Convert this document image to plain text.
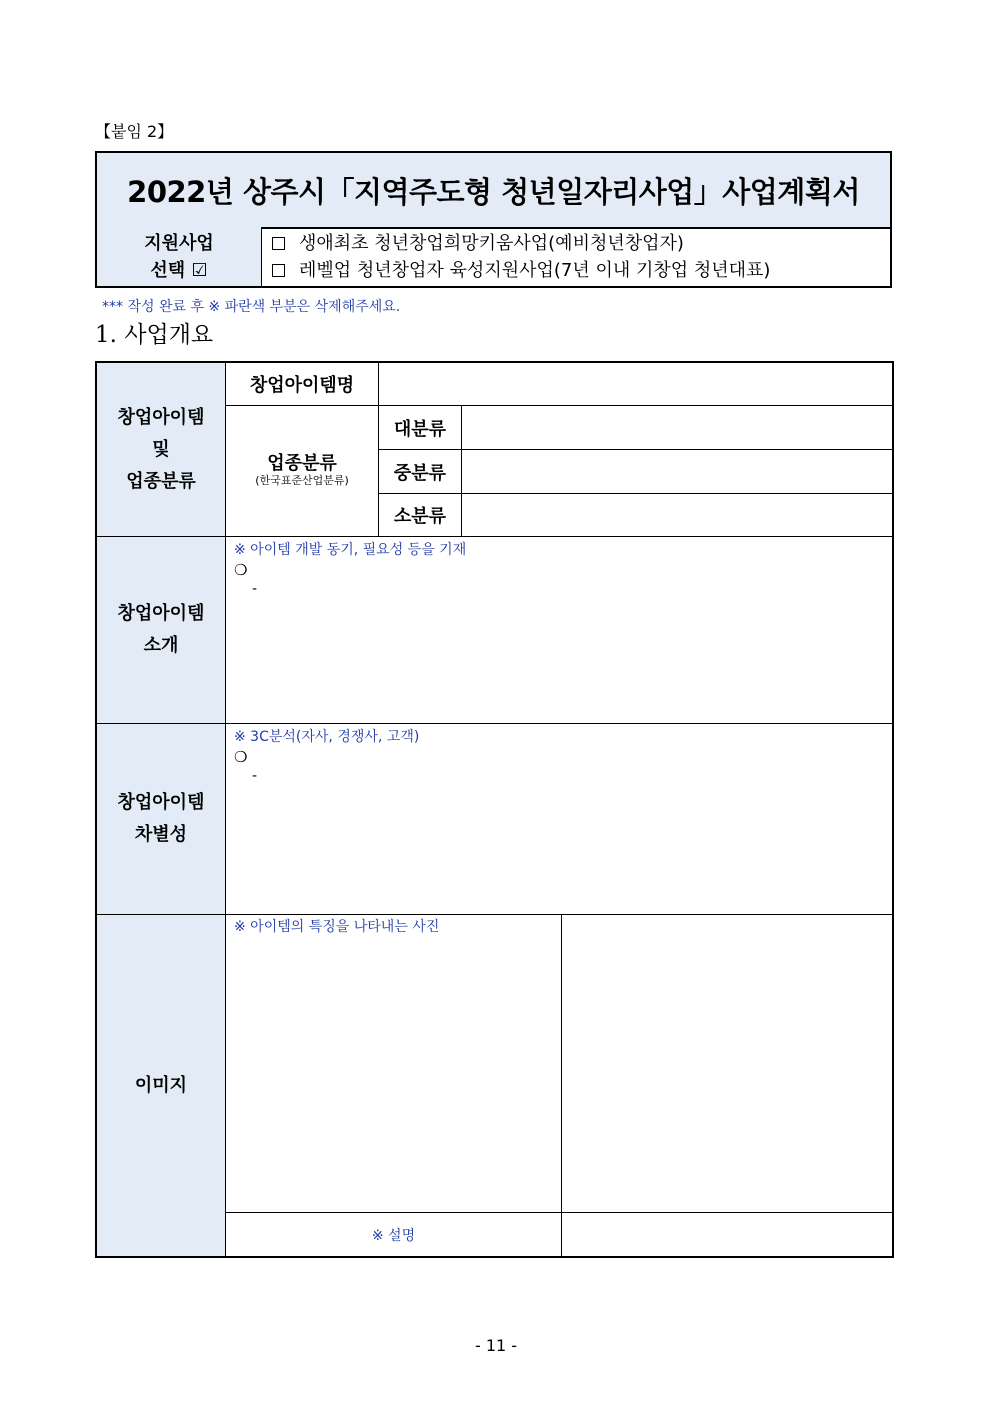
【붙임 2】
2022년 상주시「지역주도형 청년일자리사업」사업계획서
지원사업
선택 ☑
생애최초 청년창업희망키움사업(예비청년창업자)
레벨업 청년창업자 육성지원사업(7년 이내 기창업 청년대표)
*** 작성 완료 후 ※ 파란색 부분은 삭제해주세요.
1. 사업개요
창업아이템
및
업종분류
창업아이템명
업종분류
(한국표준산업분류)
대분류
중분류
소분류
창업아이템
소개
※ 아이템 개발 동기, 필요성 등을 기재
❍
-
창업아이템
차별성
※ 3C분석(자사, 경쟁사, 고객)
❍
-
이미지
※ 아이템의 특징을 나타내는 사진
※ 설명
- 11 -
